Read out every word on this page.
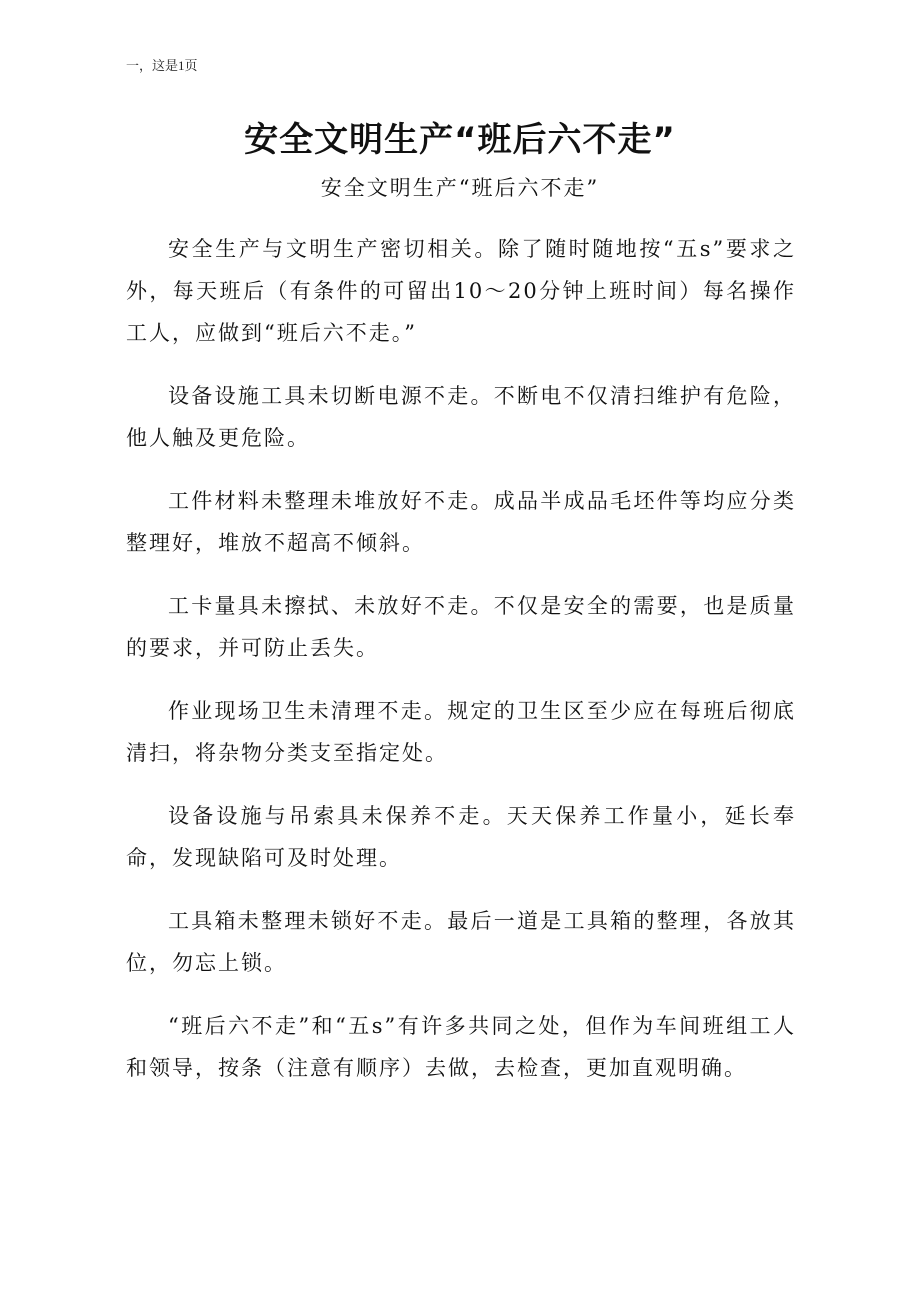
一，这是1页
安全文明生产“班后六不走”
安全文明生产“班后六不走”

安全生产与文明生产密切相关。除了随时随地按“五s”要求之外，每天班后（有条件的可留出10～20分钟上班时间）每名操作工人，应做到“班后六不走。”

设备设施工具未切断电源不走。不断电不仅清扫维护有危险，他人触及更危险。

工件材料未整理未堆放好不走。成品半成品毛坯件等均应分类整理好，堆放不超高不倾斜。

工卡量具未擦拭、未放好不走。不仅是安全的需要，也是质量的要求，并可防止丢失。

作业现场卫生未清理不走。规定的卫生区至少应在每班后彻底清扫，将杂物分类支至指定处。

设备设施与吊索具未保养不走。天天保养工作量小，延长奉命，发现缺陷可及时处理。

工具箱未整理未锁好不走。最后一道是工具箱的整理，各放其位，勿忘上锁。

“班后六不走”和“五s”有许多共同之处，但作为车间班组工人和领导，按条（注意有顺序）去做，去检查，更加直观明确。
